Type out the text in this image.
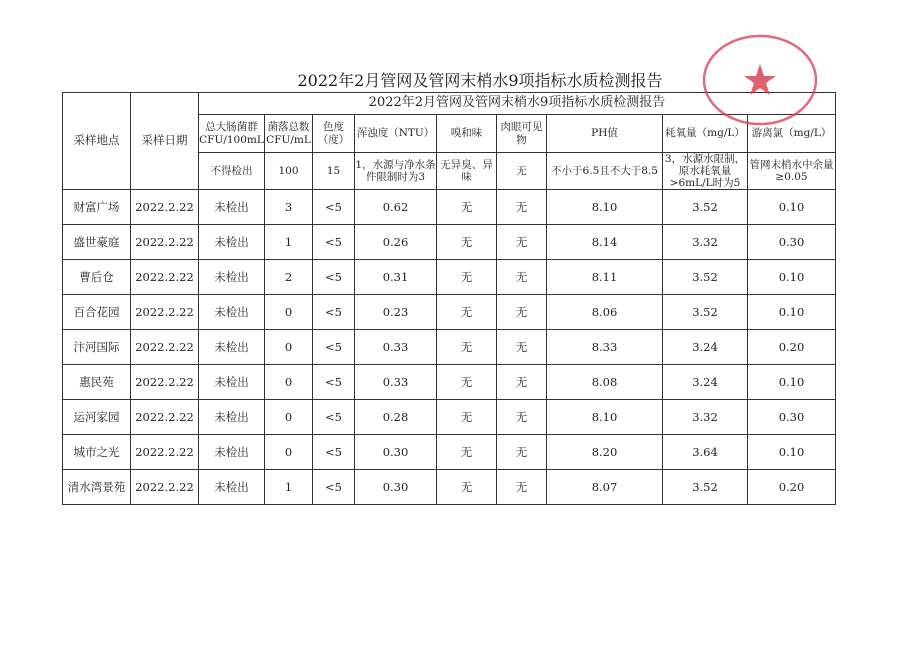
2022年2月管网及管网末梢水9项指标水质检测报告
采样地点	采样日期	2022年2月管网及管网末梢水9项指标水质检测报告								
		总大肠菌群 CFU/100mL	菌落总数 CFU/mL	色度（度）	浑浊度（NTU）	嗅和味	肉眼可见物	PH值	耗氧量（mg/L）	游离氯（mg/L）
		不得检出	100	15	1，水源与净水条件限制时为3	无异臭、异味	无	不小于6.5且不大于8.5	3，水源水限制，原水耗氧量>6mL/L时为5	管网末梢水中余量≥0.05
财富广场	2022.2.22	未检出	3	<5	0.62	无	无	8.10	3.52	0.10
盛世豪庭	2022.2.22	未检出	1	<5	0.26	无	无	8.14	3.32	0.30
曹后仓	2022.2.22	未检出	2	<5	0.31	无	无	8.11	3.52	0.10
百合花园	2022.2.22	未检出	0	<5	0.23	无	无	8.06	3.52	0.10
汴河国际	2022.2.22	未检出	0	<5	0.33	无	无	8.33	3.24	0.20
惠民苑	2022.2.22	未检出	0	<5	0.33	无	无	8.08	3.24	0.10
运河家园	2022.2.22	未检出	0	<5	0.28	无	无	8.10	3.32	0.30
城市之光	2022.2.22	未检出	0	<5	0.30	无	无	8.20	3.64	0.10
清水湾景苑	2022.2.22	未检出	1	<5	0.30	无	无	8.07	3.52	0.20
